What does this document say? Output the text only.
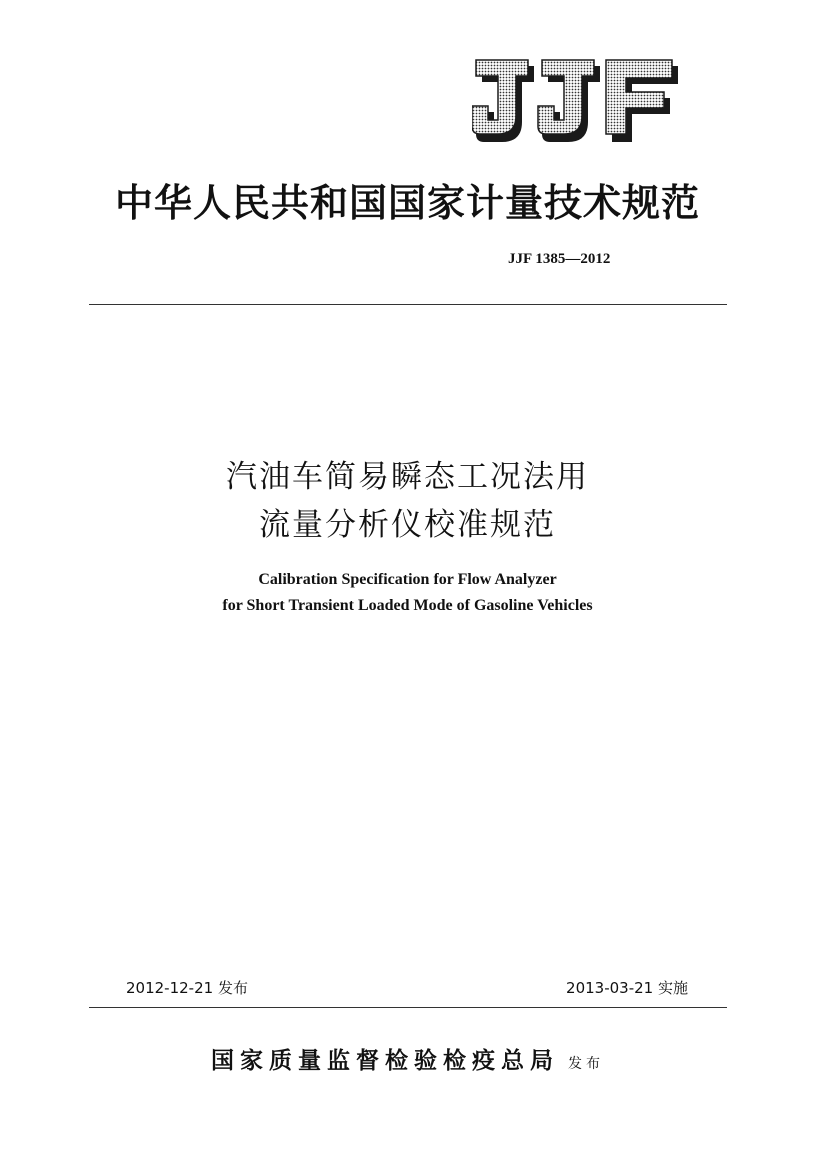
中华人民共和国国家计量技术规范
JJF 1385—2012
汽油车简易瞬态工况法用
流量分析仪校准规范
Calibration Specification for Flow Analyzer
for Short Transient Loaded Mode of Gasoline Vehicles
2012-12-21 发布	2013-03-21 实施
国家质量监督检验检疫总局 发布
